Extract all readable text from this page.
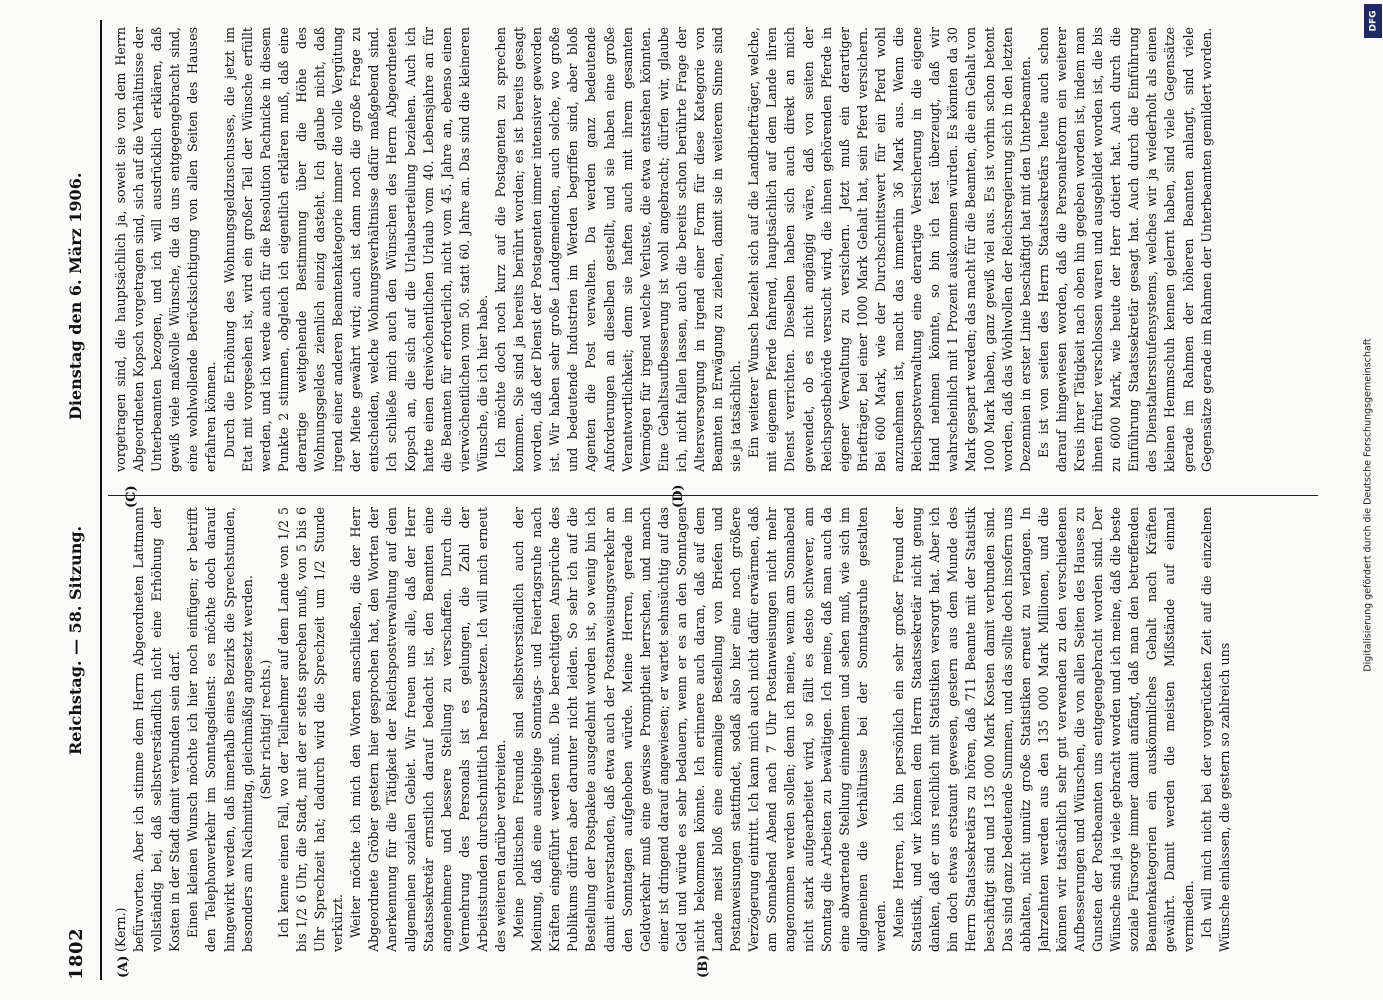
1802
Reichstag. — 58. Sitzung.
Dienstag den 6. März 1906.
(A)	(B)
(C)	(D)

(Kern.) befürworten. Aber ich stimme dem Herrn Abgeordneten Lattmann vollständig bei, daß selbstverständlich nicht eine Erhöhung der Kosten in der Stadt damit verbunden sein darf. Einen kleinen Wunsch möchte ich hier noch einfügen; er betrifft den Telephonverkehr im Sonntagsdienst: es möchte doch darauf hingewirkt werden, daß innerhalb eines Bezirks die Sprechstunden, besonders am Nachmittag, gleichmäßig angesetzt werden. (Sehr richtig! rechts.) Ich kenne einen Fall, wo der Teilnehmer auf dem Lande von 1/2 5 bis 1/2 6 Uhr, die Stadt, mit der er stets sprechen muß, von 5 bis 6 Uhr Sprechzeit hat; dadurch wird die Sprechzeit um 1/2 Stunde verkürzt. Weiter möchte ich mich den Worten anschließen, die der Herr Abgeordnete Gröber gestern hier gesprochen hat, den Worten der Anerkennung für die Tätigkeit der Reichspostverwaltung auf dem allgemeinen sozialen Gebiet. Wir freuen uns alle, daß der Herr Staatssekretär ernstlich darauf bedacht ist, den Beamten eine angenehmere und bessere Stellung zu verschaffen. Durch die Vermehrung des Personals ist es gelungen, die Zahl der Arbeitsstunden durchschnittlich herabzusetzen. Ich will mich erneut des weiteren darüber verbreiten. Meine politischen Freunde sind selbstverständlich auch der Meinung, daß eine ausgiebige Sonntags- und Feiertagsruhe nach Kräften eingeführt werden muß. Die berechtigten Ansprüche des Publikums dürfen aber darunter nicht leiden. So sehr ich auf die Bestellung der Postpakete ausgedehnt worden ist, so wenig bin ich damit einverstanden, daß etwa auch der Postanweisungsverkehr an den Sonntagen aufgehoben würde. Meine Herren, gerade im Geldverkehr muß eine gewisse Promptheit herrschen, und manch einer ist dringend darauf angewiesen; er wartet sehnsüchtig auf das Geld und würde es sehr bedauern, wenn er es an den Sonntagen nicht bekommen könnte. Ich erinnere auch daran, daß auf dem Lande meist bloß eine einmalige Bestellung von Briefen und Postanweisungen stattfindet, sodaß also hier eine noch größere Verzögerung eintritt. Ich kann mich auch nicht dafür erwärmen, daß am Sonnabend Abend nach 7 Uhr Postanweisungen nicht mehr angenommen werden sollen; denn ich meine, wenn am Sonnabend nicht stark aufgearbeitet wird, so fällt es desto schwerer, am Sonntag die Arbeiten zu bewältigen. Ich meine, daß man auch da eine abwartende Stellung einnehmen und sehen muß, wie sich im allgemeinen die Verhältnisse bei der Sonntagsruhe gestalten werden. Meine Herren, ich bin persönlich ein sehr großer Freund der Statistik, und wir können dem Herrn Staatssekretär nicht genug danken, daß er uns reichlich mit Statistiken versorgt hat. Aber ich bin doch etwas erstaunt gewesen, gestern aus dem Munde des Herrn Staatssekretärs zu hören, daß 711 Beamte mit der Statistik beschäftigt sind und 135 000 Mark Kosten damit verbunden sind. Das sind ganz bedeutende Summen, und das sollte doch insofern uns abhalten, nicht unnütz große Statistiken erneut zu verlangen. In Jahrzehnten werden aus den 135 000 Mark Millionen, und die können wir tatsächlich sehr gut verwenden zu den verschiedenen Aufbesserungen und Wünschen, die von allen Seiten des Hauses zu Gunsten der Postbeamten uns entgegengebracht worden sind. Der Wünsche sind ja viele gebracht worden und ich meine, daß die beste soziale Fürsorge immer damit anfängt, daß man den betreffenden Beamtenkategorien ein auskömmliches Gehalt nach Kräften gewährt. Damit werden die meisten Mißstände auf einmal vermieden. Ich will mich nicht bei der vorgerückten Zeit auf die einzelnen Wünsche einlassen, die gestern so zahlreich uns

vorgetragen sind, die hauptsächlich ja, soweit sie von dem Herrn Abgeordneten Kopsch vorgetragen sind, sich auf die Verhältnisse der Unterbeamten bezogen, und ich will ausdrücklich erklären, daß gewiß viele maßvolle Wünsche, die da uns entgegengebracht sind, eine wohlwollende Berücksichtigung von allen Seiten des Hauses erfahren können. Durch die Erhöhung des Wohnungsgeldzuschusses, die jetzt im Etat mit vorgesehen ist, wird ein großer Teil der Wünsche erfüllt werden, und ich werde auch für die Resolution Pachnicke in diesem Punkte 2 stimmen, obgleich ich eigentlich erklären muß, daß eine derartige weitgehende Bestimmung über die Höhe des Wohnungsgeldes ziemlich einzig dasteht. Ich glaube nicht, daß irgend einer anderen Beamtenkategorie immer die volle Vergütung der Miete gewährt wird; auch ist dann noch die große Frage zu entscheiden, welche Wohnungsverhältnisse dafür maßgebend sind. Ich schließe mich auch den Wünschen des Herrn Abgeordneten Kopsch an, die sich auf die Urlaubserteilung beziehen. Auch ich hatte einen dreiwöchentlichen Urlaub vom 40. Lebensjahre an für die Beamten für erforderlich, nicht vom 45. Jahre an, ebenso einen vierwöchentlichen vom 50. statt 60. Jahre an. Das sind die kleineren Wünsche, die ich hier habe. Ich möchte doch noch kurz auf die Postagenten zu sprechen kommen. Sie sind ja bereits berührt worden; es ist bereits gesagt worden, daß der Dienst der Postagenten immer intensiver geworden ist. Wir haben sehr große Landgemeinden, auch solche, wo große und bedeutende Industrien im Werden begriffen sind, aber bloß Agenten die Post verwalten. Da werden ganz bedeutende Anforderungen an dieselben gestellt, und sie haben eine große Verantwortlichkeit; denn sie haften auch mit ihrem gesamten Vermögen für irgend welche Verluste, die etwa entstehen könnten. Eine Gehaltsaufbesserung ist wohl angebracht; dürfen wir, glaube ich, nicht fallen lassen, auch die bereits schon berührte Frage der Altersversorgung in irgend einer Form für diese Kategorie von Beamten in Erwägung zu ziehen, damit sie in weiterem Sinne sind sie ja tatsächlich. Ein weiterer Wunsch bezieht sich auf die Landbriefträger, welche, mit eigenem Pferde fahrend, hauptsächlich auf dem Lande ihren Dienst verrichten. Dieselben haben sich auch direkt an mich gewendet, ob es nicht angängig wäre, daß von seiten der Reichspostbehörde versucht wird, die ihnen gehörenden Pferde in eigener Verwaltung zu versichern. Jetzt muß ein derartiger Briefträger, bei einer 1000 Mark Gehalt hat, sein Pferd versichern. Bei 600 Mark, wie der Durchschnittswert für ein Pferd wohl anzunehmen ist, macht das immerhin 36 Mark aus. Wenn die Reichspostverwaltung eine derartige Versicherung in die eigene Hand nehmen könnte, so bin ich fest überzeugt, daß wir wahrscheinlich mit 1 Prozent auskommen würden. Es könnten da 30 Mark gespart werden; das macht für die Beamten, die ein Gehalt von 1000 Mark haben, ganz gewiß viel aus. Es ist vorhin schon betont worden, daß das Wohlwollen der Reichsregierung sich in den letzten Dezennien in erster Linie beschäftigt hat mit den Unterbeamten. Es ist von seiten des Herrn Staatssekretärs heute auch schon darauf hingewiesen worden, daß die Personalreform ein weiterer Kreis ihrer Tätigkeit nach oben hin gegeben worden ist, indem man ihnen früher verschlossen waren und ausgebildet worden ist, die bis zu 6000 Mark, wie heute der Herr dotiert hat. Auch durch die Einführung Staatssekretär gesagt hat. Auch durch die Einführung des Dienstaltersstufensystems, welches wir ja wiederholt als einen kleinen Hemmschuh kennen gelernt haben, sind viele Gegensätze gerade im Rahmen der höheren Beamten anlangt, sind viele Gegensätze gerade im Rahmen der Unterbeamten gemildert worden.

Digitalisierung gefördert durch die Deutsche Forschungsgemeinschaft
DFG
